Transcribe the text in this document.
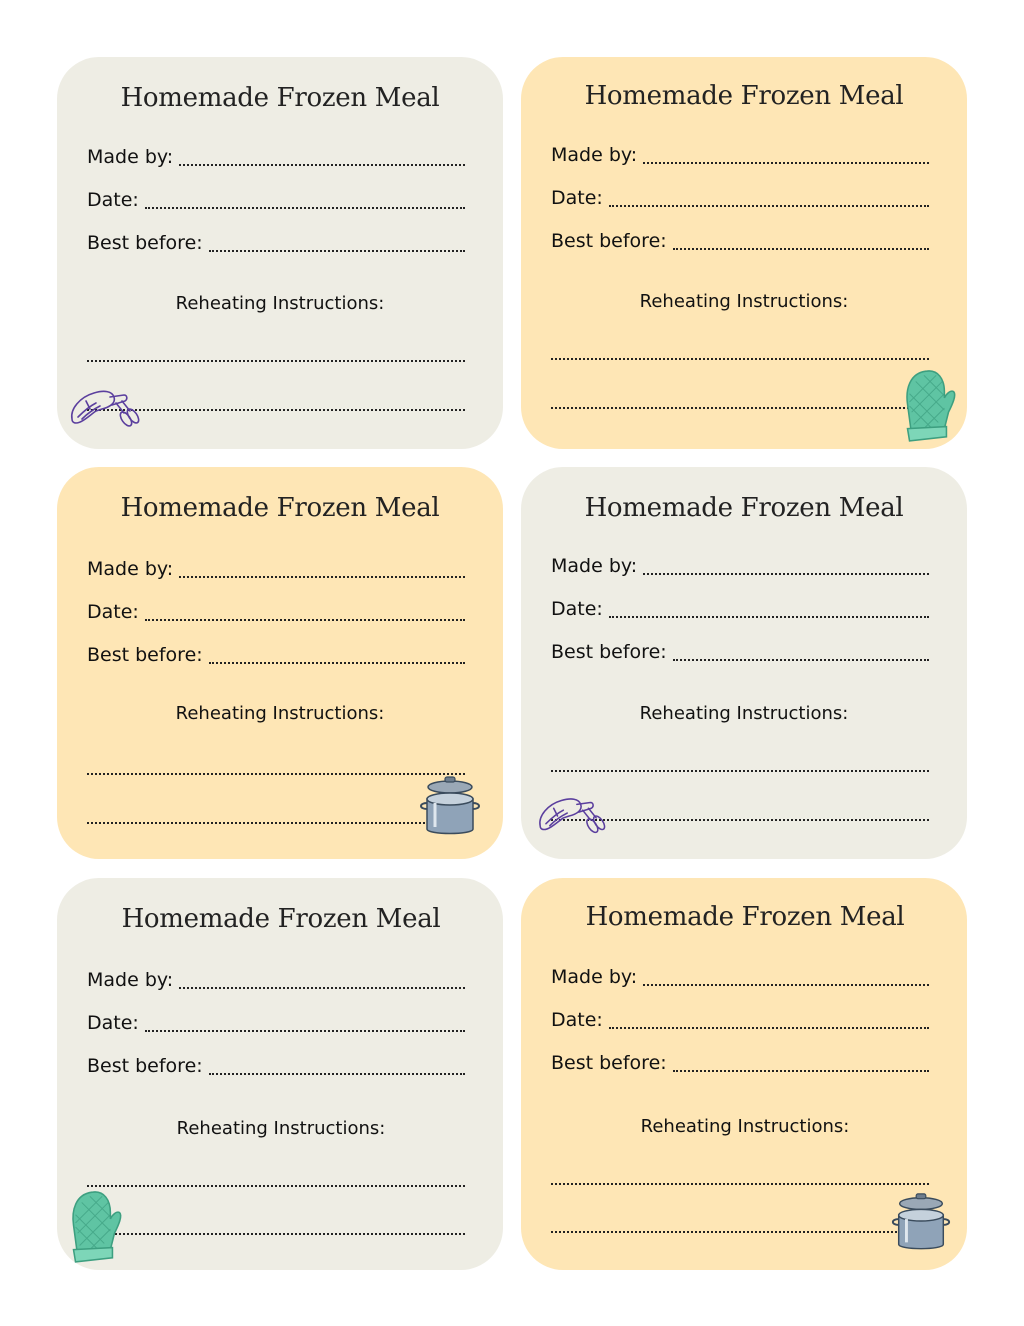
Homemade Frozen Meal
Made by:
Date:
Best before:
Reheating Instructions:
Homemade Frozen Meal
Made by:
Date:
Best before:
Reheating Instructions:
Homemade Frozen Meal
Made by:
Date:
Best before:
Reheating Instructions:
Homemade Frozen Meal
Made by:
Date:
Best before:
Reheating Instructions:
Homemade Frozen Meal
Made by:
Date:
Best before:
Reheating Instructions:
Homemade Frozen Meal
Made by:
Date:
Best before:
Reheating Instructions:
